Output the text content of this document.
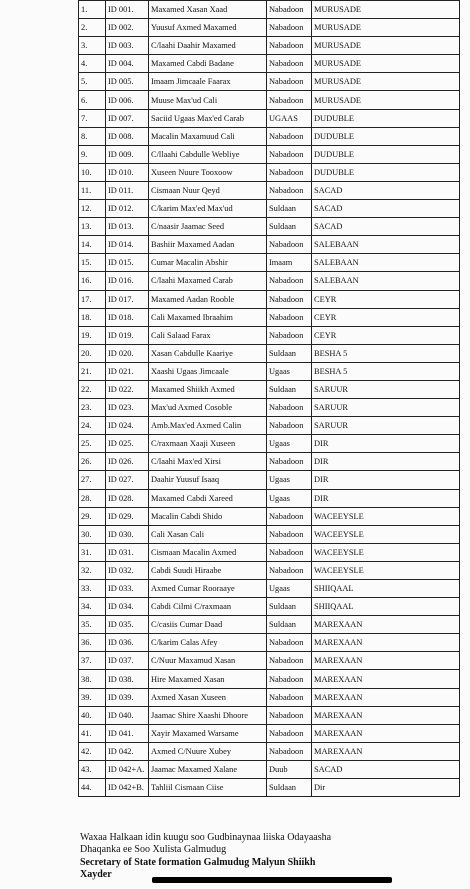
1.	ID 001.	Maxamed Xasan Xaad	Nabadoon	MURUSADE
2.	ID 002.	Yuusuf Axmed Maxamed	Nabadoon	MURUSADE
3.	ID 003.	C/laahi Daahir Maxamed	Nabadoon	MURUSADE
4.	ID 004.	Maxamed Cabdi Badane	Nabadoon	MURUSADE
5.	ID 005.	Imaam Jimcaale Faarax	Nabadoon	MURUSADE
6.	ID 006.	Muuse Max'ud Cali	Nabadoon	MURUSADE
7.	ID 007.	Saciid Ugaas Max'ed Carab	UGAAS	DUDUBLE
8.	ID 008.	Macalin Maxamuud Cali	Nabadoon	DUDUBLE
9.	ID 009.	C/llaahi Cabdulle Webliye	Nabadoon	DUDUBLE
10.	ID 010.	Xuseen Nuure Tooxoow	Nabadoon	DUDUBLE
11.	ID 011.	Cismaan Nuur Qeyd	Nabadoon	SACAD
12.	ID 012.	C/karim Max'ed Max'ud	Suldaan	SACAD
13.	ID 013.	C/naasir Jaamac Seed	Suldaan	SACAD
14.	ID 014.	Bashiir Maxamed Aadan	Nabadoon	SALEBAAN
15.	ID 015.	Cumar Macalin Abshir	Imaam	SALEBAAN
16.	ID 016.	C/laahi Maxamed Carab	Nabadoon	SALEBAAN
17.	ID 017.	Maxamed Aadan Rooble	Nabadoon	CEYR
18.	ID 018.	Cali Maxamed Ibraahim	Nabadoon	CEYR
19.	ID 019.	Cali Salaad Farax	Nabadoon	CEYR
20.	ID 020.	Xasan Cabdulle Kaariye	Suldaan	BESHA 5
21.	ID 021.	Xaashi Ugaas Jimcaale	Ugaas	BESHA 5
22.	ID 022.	Maxamed Shiikh Axmed	Suldaan	SARUUR
23.	ID 023.	Max'ud Axmed Cosoble	Nabadoon	SARUUR
24.	ID 024.	Amb.Max'ed Axmed Calin	Nabadoon	SARUUR
25.	ID 025.	C/raxmaan Xaaji Xuseen	Ugaas	DIR
26.	ID 026.	C/laahi Max'ed Xirsi	Nabadoon	DIR
27.	ID 027.	Daahir Yuusuf Isaaq	Ugaas	DIR
28.	ID 028.	Maxamed Cabdi Xareed	Ugaas	DIR
29.	ID 029.	Macalin Cabdi Shido	Nabadoon	WACEEYSLE
30.	ID 030.	Cali Xasan Cali	Nabadoon	WACEEYSLE
31.	ID 031.	Cismaan Macalin Axmed	Nabadoon	WACEEYSLE
32.	ID 032.	Cabdi Suudi Hiraabe	Nabadoon	WACEEYSLE
33.	ID 033.	Axmed Cumar Rooraaye	Ugaas	SHIIQAAL
34.	ID 034.	Cabdi Cilmi C/raxmaan	Suldaan	SHIIQAAL
35.	ID 035.	C/casiis Cumar Daad	Suldaan	MAREXAAN
36.	ID 036.	C/karim Calas Afey	Nabadoon	MAREXAAN
37.	ID 037.	C/Nuur Maxamud Xasan	Nabadoon	MAREXAAN
38.	ID 038.	Hire Maxamed Xasan	Nabadoon	MAREXAAN
39.	ID 039.	Axmed Xasan Xuseen	Nabadoon	MAREXAAN
40.	ID 040.	Jaamac Shire Xaashi Dhoore	Nabadoon	MAREXAAN
41.	ID 041.	Xayir Maxamed Warsame	Nabadoon	MAREXAAN
42.	ID 042.	Axmed C/Nuure Xubey	Nabadoon	MAREXAAN
43.	ID 042+A.	Jaamac Maxamed Xalane	Duub	SACAD
44.	ID 042+B.	Tahliil Cismaan Ciise	Suldaan	Dir
Waxaa Halkaan idin kuugu soo Gudbinaynaa liiska Odayaasha
Dhaqanka ee Soo Xulista Galmudug
Secretary of State formation Galmudug Malyun Shiikh
Xayder
